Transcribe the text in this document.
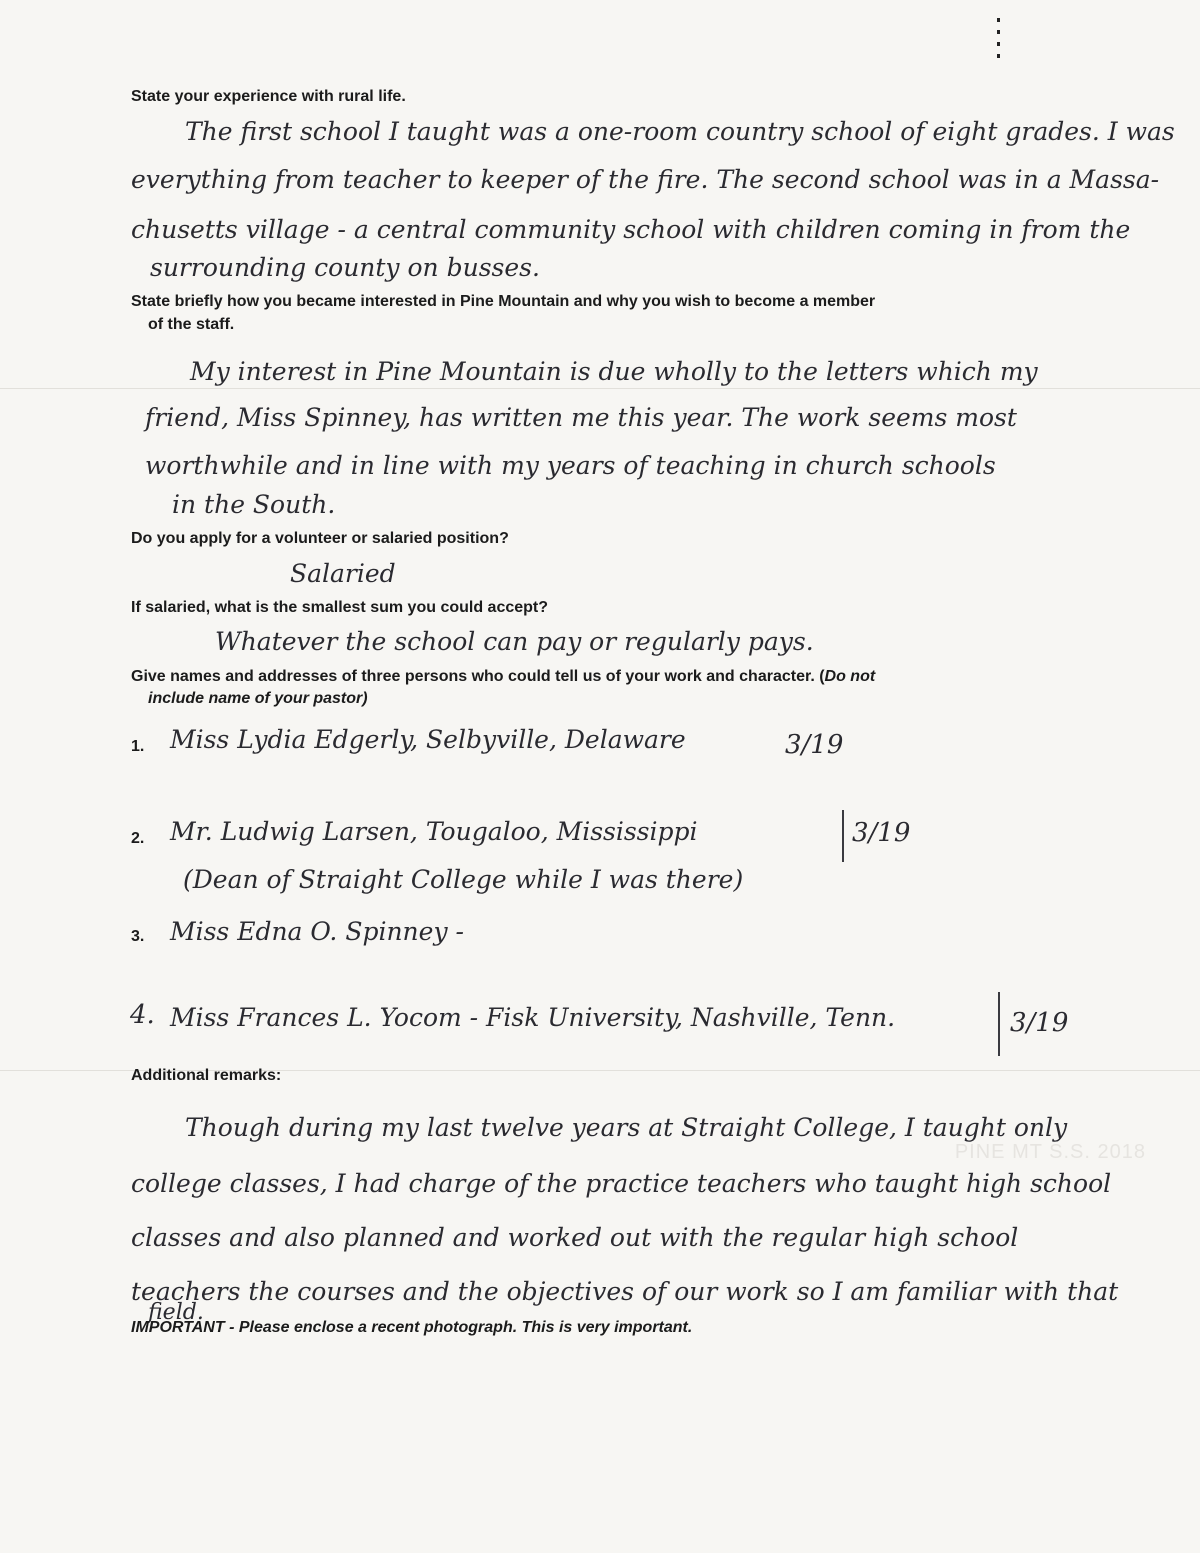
State your experience with rural life.
The first school I taught was a one-room country school of eight grades. I was
everything from teacher to keeper of the fire. The second school was in a Massa-
chusetts village - a central community school with children coming in from the
surrounding county on busses.
State briefly how you became interested in Pine Mountain and why you wish to become a member
of the staff.
My interest in Pine Mountain is due wholly to the letters which my
friend, Miss Spinney, has written me this year. The work seems most
worthwhile and in line with my years of teaching in church schools
in the South.
Do you apply for a volunteer or salaried position?
Salaried
If salaried, what is the smallest sum you could accept?
Whatever the school can pay or regularly pays.
Give names and addresses of three persons who could tell us of your work and character. (Do not
include name of your pastor)
1. Miss Lydia Edgerly, Selbyville, Delaware	3/19
2. Mr. Ludwig Larsen, Tougaloo, Mississippi	3/19
(Dean of Straight College while I was there)
3. Miss Edna O. Spinney -
4. Miss Frances L. Yocom - Fisk University, Nashville, Tenn.	3/19
Additional remarks:
Though during my last twelve years at Straight College, I taught only
college classes, I had charge of the practice teachers who taught high school
classes and also planned and worked out with the regular high school
teachers the courses and the objectives of our work so I am familiar with that
field.
IMPORTANT - Please enclose a recent photograph. This is very important.
PINE MT S.S. 2018
